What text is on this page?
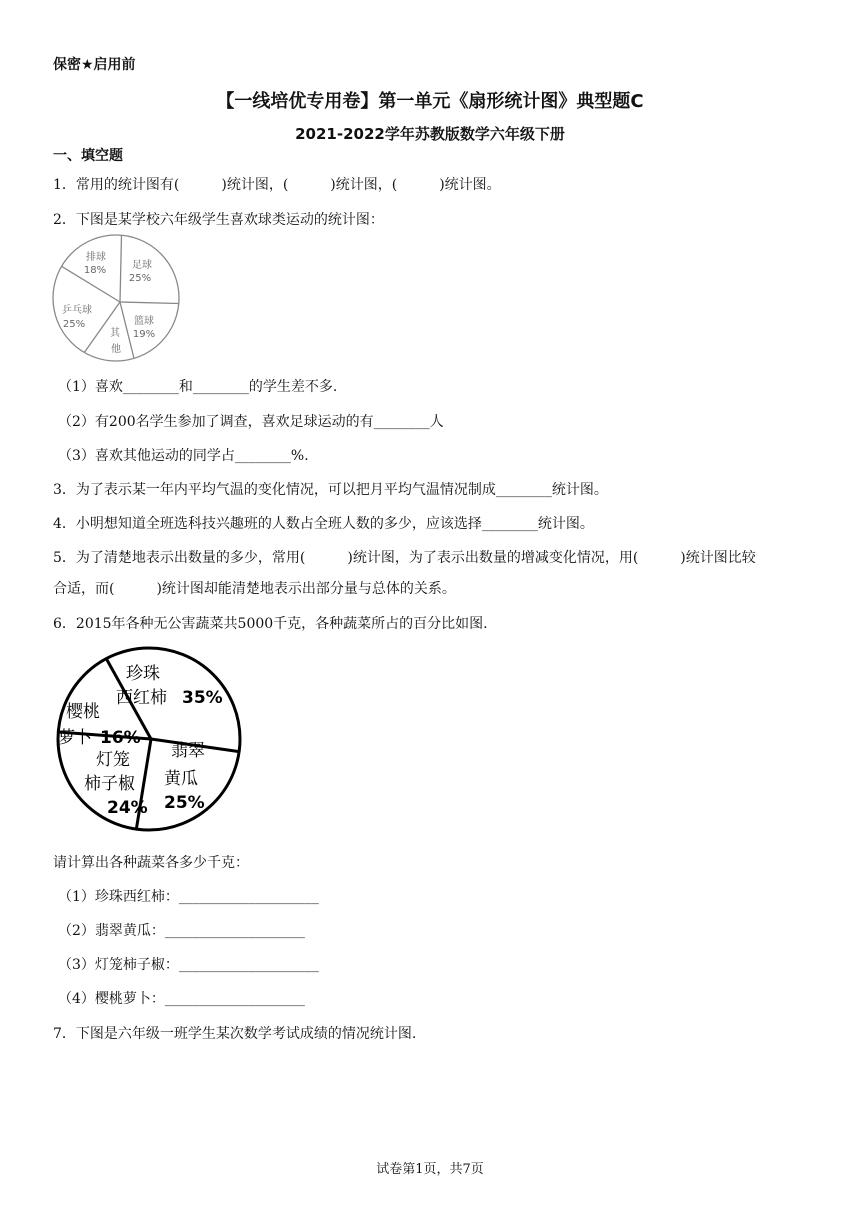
保密★启用前
【一线培优专用卷】第一单元《扇形统计图》典型题C
2021-2022学年苏教版数学六年级下册
一、填空题
1．常用的统计图有(　　　)统计图，(　　　)统计图，(　　　)统计图。
2．下图是某学校六年级学生喜欢球类运动的统计图：
排球
18%	足球
25%
乒乓球
25%	篮球
19%
其
他
（1）喜欢________和________的学生差不多.
（2）有200名学生参加了调查，喜欢足球运动的有________人
（3）喜欢其他运动的同学占________%.
3．为了表示某一年内平均气温的变化情况，可以把月平均气温情况制成________统计图。
4．小明想知道全班选科技兴趣班的人数占全班人数的多少，应该选择________统计图。
5．为了清楚地表示出数量的多少，常用(　　　)统计图，为了表示出数量的增减变化情况，用(　　　)统计图比较
合适，而(　　　)统计图却能清楚地表示出部分量与总体的关系。
6．2015年各种无公害蔬菜共5000千克，各种蔬菜所占的百分比如图.
珍珠
西红柿 35%
樱桃
萝卜 16%
翡翠
黄瓜
25%
灯笼
柿子椒
24%
请计算出各种蔬菜各多少千克：
（1）珍珠西红柿：____________________
（2）翡翠黄瓜：____________________
（3）灯笼柿子椒：____________________
（4）樱桃萝卜：____________________
7．下图是六年级一班学生某次数学考试成绩的情况统计图.
试卷第1页，共7页
